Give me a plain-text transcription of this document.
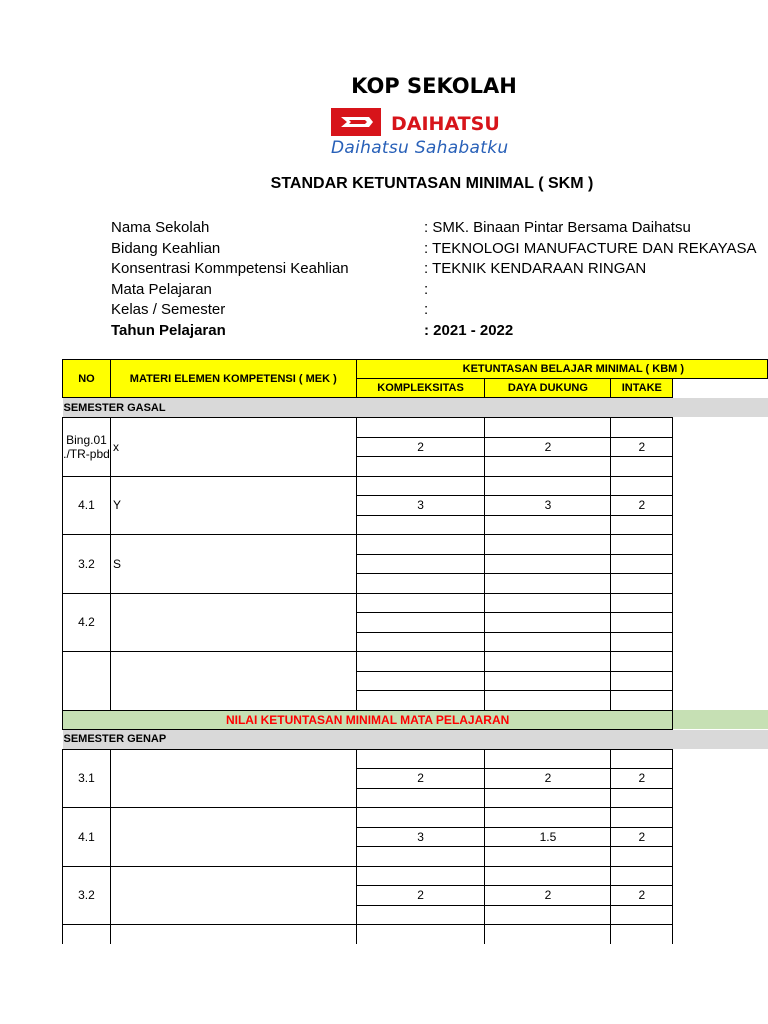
KOP SEKOLAH
DAIHATSU
Daihatsu Sahabatku
STANDAR KETUNTASAN MINIMAL ( SKM )
Nama Sekolah	: SMK. Binaan Pintar Bersama Daihatsu
Bidang Keahlian	: TEKNOLOGI MANUFACTURE DAN REKAYASA
Konsentrasi Kommpetensi Keahlian	: TEKNIK KENDARAAN RINGAN
Mata Pelajaran	:
Kelas / Semester	:
Tahun Pelajaran	: 2021 - 2022
NO	MATERI ELEMEN KOMPETENSI ( MEK )	KETUNTASAN BELAJAR MINIMAL ( KBM )			
		KOMPLEKSITAS	DAYA DUKUNG	INTAKE	
SEMESTER GASAL					
Bing.01 ./TR-pbd	x				
		2	2	2	

4.1	Y				
		3	3	2	

3.2	S				

4.2					

NILAI KETUNTASAN MINIMAL MATA PELAJARAN					
SEMESTER GENAP					
3.1					
		2	2	2	

4.1					
		3	1.5	2	

3.2					
		2	2	2	
